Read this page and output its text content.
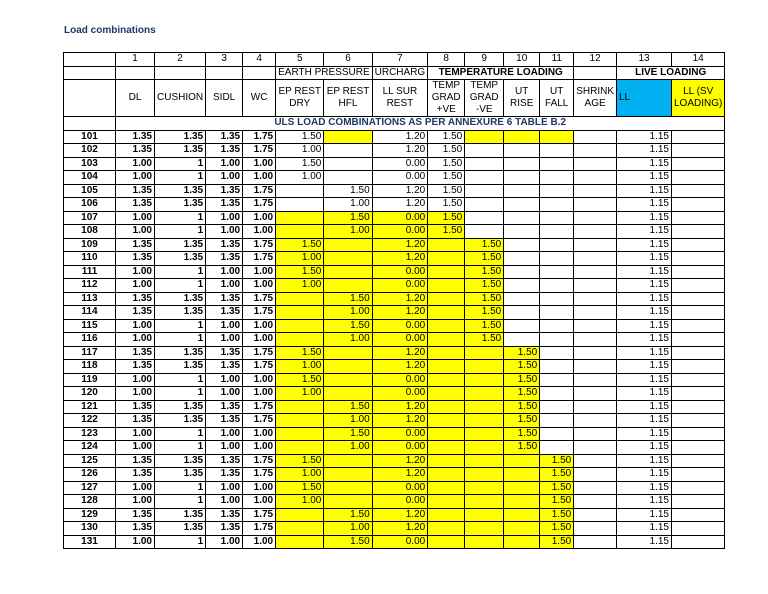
Load combinations
	1	2	3	4	5	6	7	8	9	10	11	12	13	14
					EARTH PRESSURE		URCHARG	TEMPERATURE LOADING					LIVE LOADING	
	DL	CUSHION	SIDL	WC	EP REST DRY	EP REST HFL	LL SUR REST	TEMP GRAD +VE	TEMP GRAD -VE	UT RISE	UT FALL	SHRINK AGE	LL	LL (SV LOADING)
	ULS LOAD COMBINATIONS AS PER ANNEXURE 6 TABLE B.2													
101	1.35	1.35	1.35	1.75	1.50		1.20	1.50					1.15	
102	1.35	1.35	1.35	1.75	1.00		1.20	1.50					1.15	
103	1.00	1	1.00	1.00	1.50		0.00	1.50					1.15	
104	1.00	1	1.00	1.00	1.00		0.00	1.50					1.15	
105	1.35	1.35	1.35	1.75		1.50	1.20	1.50					1.15	
106	1.35	1.35	1.35	1.75		1.00	1.20	1.50					1.15	
107	1.00	1	1.00	1.00		1.50	0.00	1.50					1.15	
108	1.00	1	1.00	1.00		1.00	0.00	1.50					1.15	
109	1.35	1.35	1.35	1.75	1.50		1.20		1.50				1.15	
110	1.35	1.35	1.35	1.75	1.00		1.20		1.50				1.15	
111	1.00	1	1.00	1.00	1.50		0.00		1.50				1.15	
112	1.00	1	1.00	1.00	1.00		0.00		1.50				1.15	
113	1.35	1.35	1.35	1.75		1.50	1.20		1.50				1.15	
114	1.35	1.35	1.35	1.75		1.00	1.20		1.50				1.15	
115	1.00	1	1.00	1.00		1.50	0.00		1.50				1.15	
116	1.00	1	1.00	1.00		1.00	0.00		1.50				1.15	
117	1.35	1.35	1.35	1.75	1.50		1.20			1.50			1.15	
118	1.35	1.35	1.35	1.75	1.00		1.20			1.50			1.15	
119	1.00	1	1.00	1.00	1.50		0.00			1.50			1.15	
120	1.00	1	1.00	1.00	1.00		0.00			1.50			1.15	
121	1.35	1.35	1.35	1.75		1.50	1.20			1.50			1.15	
122	1.35	1.35	1.35	1.75		1.00	1.20			1.50			1.15	
123	1.00	1	1.00	1.00		1.50	0.00			1.50			1.15	
124	1.00	1	1.00	1.00		1.00	0.00			1.50			1.15	
125	1.35	1.35	1.35	1.75	1.50		1.20				1.50		1.15	
126	1.35	1.35	1.35	1.75	1.00		1.20				1.50		1.15	
127	1.00	1	1.00	1.00	1.50		0.00				1.50		1.15	
128	1.00	1	1.00	1.00	1.00		0.00				1.50		1.15	
129	1.35	1.35	1.35	1.75		1.50	1.20				1.50		1.15	
130	1.35	1.35	1.35	1.75		1.00	1.20				1.50		1.15	
131	1.00	1	1.00	1.00		1.50	0.00				1.50		1.15	
